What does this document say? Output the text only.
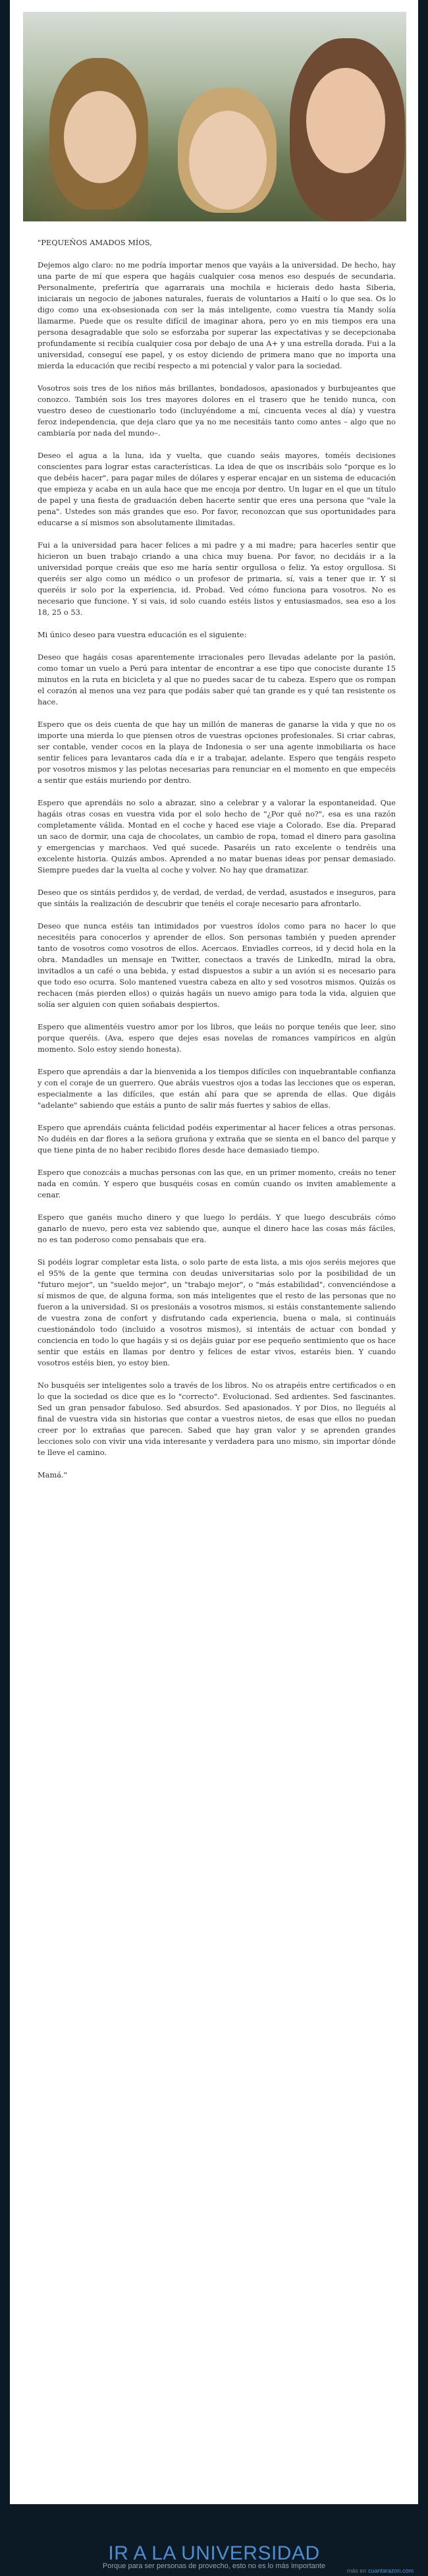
"PEQUEÑOS AMADOS MÍOS,

Dejemos algo claro: no me podría importar menos que vayáis a la universidad. De hecho, hay una parte de mí que espera que hagáis cualquier cosa menos eso después de secundaria. Personalmente, preferiría que agarrarais una mochila e hicierais dedo hasta Siberia, iniciarais un negocio de jabones naturales, fuerais de voluntarios a Haití o lo que sea. Os lo digo como una ex-obsesionada con ser la más inteligente, como vuestra tía Mandy solía llamarme. Puede que os resulte difícil de imaginar ahora, pero yo en mis tiempos era una persona desagradable que solo se esforzaba por superar las expectativas y se decepcionaba profundamente si recibía cualquier cosa por debajo de una A+ y una estrella dorada. Fui a la universidad, conseguí ese papel, y os estoy diciendo de primera mano que no importa una mierda la educación que recibí respecto a mi potencial y valor para la sociedad.

Vosotros sois tres de los niños más brillantes, bondadosos, apasionados y burbujeantes que conozco. También sois los tres mayores dolores en el trasero que he tenido nunca, con vuestro deseo de cuestionarlo todo (incluyéndome a mí, cincuenta veces al día) y vuestra feroz independencia, que deja claro que ya no me necesitáis tanto como antes – algo que no cambiaría por nada del mundo–.

Deseo el agua a la luna, ida y vuelta, que cuando seáis mayores, toméis decisiones conscientes para lograr estas características. La idea de que os inscribáis solo "porque es lo que debéis hacer", para pagar miles de dólares y esperar encajar en un sistema de educación que empieza y acaba en un aula hace que me encoja por dentro. Un lugar en el que un título de papel y una fiesta de graduación deben hacerte sentir que eres una persona que "vale la pena". Ustedes son más grandes que eso. Por favor, reconozcan que sus oportunidades para educarse a sí mismos son absolutamente ilimitadas.

Fui a la universidad para hacer felices a mi padre y a mi madre; para hacerles sentir que hicieron un buen trabajo criando a una chica muy buena. Por favor, no decidáis ir a la universidad porque creáis que eso me haría sentir orgullosa o feliz. Ya estoy orgullosa. Si queréis ser algo como un médico o un profesor de primaria, sí, vais a tener que ir. Y si queréis ir solo por la experiencia, id. Probad. Ved cómo funciona para vosotros. No es necesario que funcione. Y si vais, id solo cuando estéis listos y entusiasmados, sea eso a los 18, 25 o 53.

Mi único deseo para vuestra educación es el siguiente:

Deseo que hagáis cosas aparentemente irracionales pero llevadas adelante por la pasión, como tomar un vuelo a Perú para intentar de encontrar a ese tipo que conociste durante 15 minutos en la ruta en bicicleta y al que no puedes sacar de tu cabeza. Espero que os rompan el corazón al menos una vez para que podáis saber qué tan grande es y qué tan resistente os hace.

Espero que os deis cuenta de que hay un millón de maneras de ganarse la vida y que no os importe una mierda lo que piensen otros de vuestras opciones profesionales. Si criar cabras, ser contable, vender cocos en la playa de Indonesia o ser una agente inmobiliaria os hace sentir felices para levantaros cada día e ir a trabajar, adelante. Espero que tengáis respeto por vosotros mismos y las pelotas necesarias para renunciar en el momento en que empecéis a sentir que estáis muriendo por dentro.

Espero que aprendáis no solo a abrazar, sino a celebrar y a valorar la espontaneidad. Que hagáis otras cosas en vuestra vida por el solo hecho de "¿Por qué no?", esa es una razón completamente válida. Montad en el coche y haced ese viaje a Colorado. Ese día. Preparad un saco de dormir, una caja de chocolates, un cambio de ropa, tomad el dinero para gasolina y emergencias y marchaos. Ved qué sucede. Pasaréis un rato excelente o tendréis una excelente historia. Quizás ambos. Aprended a no matar buenas ideas por pensar demasiado. Siempre puedes dar la vuelta al coche y volver. No hay que dramatizar.

Deseo que os sintáis perdidos y, de verdad, de verdad, de verdad, asustados e inseguros, para que sintáis la realización de descubrir que tenéis el coraje necesario para afrontarlo.

Deseo que nunca estéis tan intimidados por vuestros ídolos como para no hacer lo que necesitéis para conocerlos y aprender de ellos. Son personas también y pueden aprender tanto de vosotros como vosotros de ellos. Acercaos. Enviadles correos, id y decid hola en la obra. Mandadles un mensaje en Twitter, conectaos a través de LinkedIn, mirad la obra, invitadlos a un café o una bebida, y estad dispuestos a subir a un avión si es necesario para que todo eso ocurra. Solo mantened vuestra cabeza en alto y sed vosotros mismos. Quizás os rechacen (más pierden ellos) o quizás hagáis un nuevo amigo para toda la vida, alguien que solía ser alguien con quien soñabais despiertos.

Espero que alimentéis vuestro amor por los libros, que leáis no porque tenéis que leer, sino porque queréis. (Ava, espero que dejes esas novelas de romances vampíricos en algún momento. Solo estoy siendo honesta).

Espero que aprendáis a dar la bienvenida a los tiempos difíciles con inquebrantable confianza y con el coraje de un guerrero. Que abráis vuestros ojos a todas las lecciones que os esperan, especialmente a las difíciles, que están ahí para que se aprenda de ellas. Que digáis "adelante" sabiendo que estáis a punto de salir más fuertes y sabios de ellas.

Espero que aprendáis cuánta felicidad podéis experimentar al hacer felices a otras personas. No dudéis en dar flores a la señora gruñona y extraña que se sienta en el banco del parque y que tiene pinta de no haber recibido flores desde hace demasiado tiempo.

Espero que conozcáis a muchas personas con las que, en un primer momento, creáis no tener nada en común. Y espero que busquéis cosas en común cuando os inviten amablemente a cenar.

Espero que ganéis mucho dinero y que luego lo perdáis. Y que luego descubráis cómo ganarlo de nuevo, pero esta vez sabiendo que, aunque el dinero hace las cosas más fáciles, no es tan poderoso como pensabais que era.

Si podéis lograr completar esta lista, o solo parte de esta lista, a mis ojos seréis mejores que el 95% de la gente que termina con deudas universitarias solo por la posibilidad de un "futuro mejor", un "sueldo mejor", un "trabajo mejor", o "más estabilidad", convenciéndose a sí mismos de que, de alguna forma, son más inteligentes que el resto de las personas que no fueron a la universidad. Si os presionáis a vosotros mismos, si estáis constantemente saliendo de vuestra zona de confort y disfrutando cada experiencia, buena o mala, si continuáis cuestionándolo todo (incluido a vosotros mismos), si intentáis de actuar con bondad y conciencia en todo lo que hagáis y si os dejáis guiar por ese pequeño sentimiento que os hace sentir que estáis en llamas por dentro y felices de estar vivos, estaréis bien. Y cuando vosotros estéis bien, yo estoy bien.

No busquéis ser inteligentes solo a través de los libros. No os atrapéis entre certificados o en lo que la sociedad os dice que es lo "correcto". Evolucionad. Sed ardientes. Sed fascinantes. Sed un gran pensador fabuloso. Sed absurdos. Sed apasionados. Y por Dios, no lleguéis al final de vuestra vida sin historias que contar a vuestros nietos, de esas que ellos no puedan creer por lo extrañas que parecen. Sabed que hay gran valor y se aprenden grandes lecciones solo con vivir una vida interesante y verdadera para uno mismo, sin importar dónde te lleve el camino.

Mamá."

IR A LA UNIVERSIDAD
Porque para ser personas de provecho, esto no es lo más importante
más en cuantarazon.com
